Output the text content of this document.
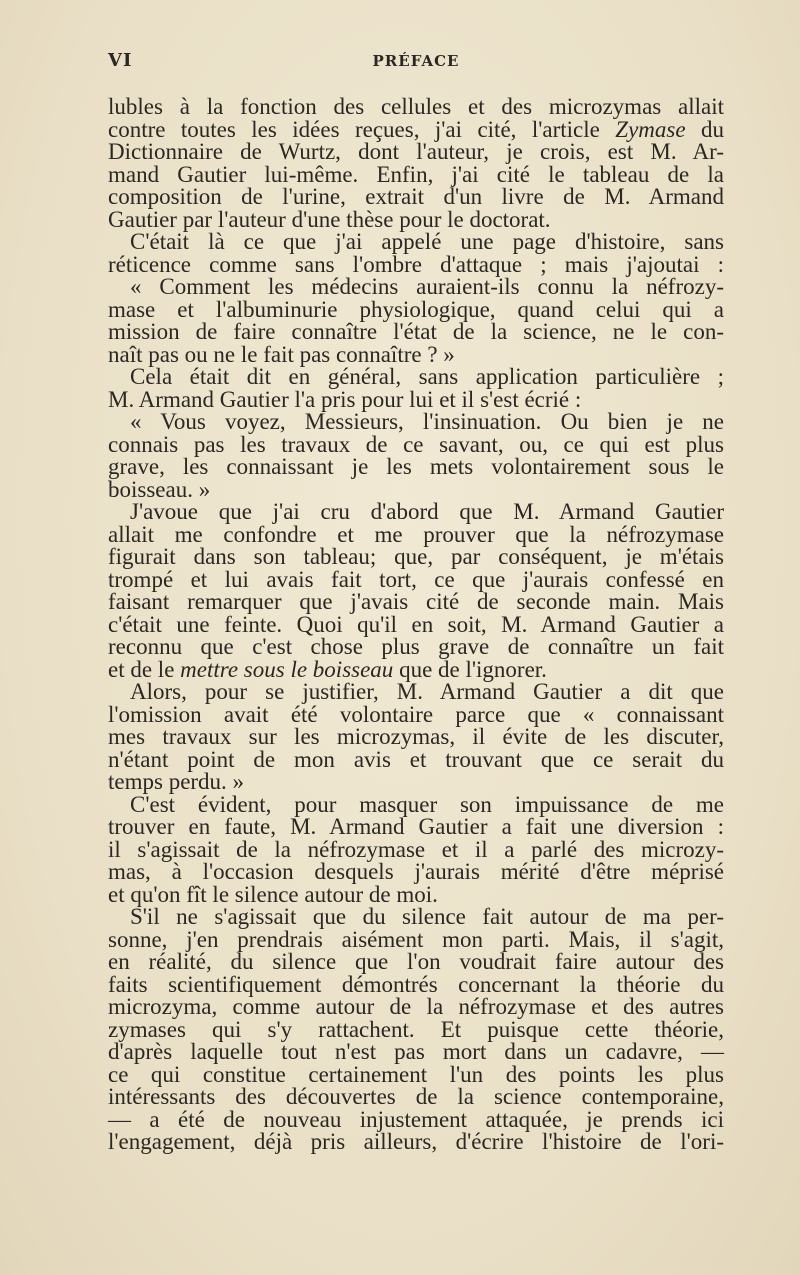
VI	PRÉFACE
lubles à la fonction des cellules et des microzymas allait
contre toutes les idées reçues, j'ai cité, l'article Zymase du
Dictionnaire de Wurtz, dont l'auteur, je crois, est M. Ar-
mand Gautier lui-même. Enfin, j'ai cité le tableau de la
composition de l'urine, extrait d'un livre de M. Armand
Gautier par l'auteur d'une thèse pour le doctorat.
C'était là ce que j'ai appelé une page d'histoire, sans
réticence comme sans l'ombre d'attaque ; mais j'ajoutai :
« Comment les médecins auraient-ils connu la néfrozy-
mase et l'albuminurie physiologique, quand celui qui a
mission de faire connaître l'état de la science, ne le con-
naît pas ou ne le fait pas connaître ? »
Cela était dit en général, sans application particulière ;
M. Armand Gautier l'a pris pour lui et il s'est écrié :
« Vous voyez, Messieurs, l'insinuation. Ou bien je ne
connais pas les travaux de ce savant, ou, ce qui est plus
grave, les connaissant je les mets volontairement sous le
boisseau. »
J'avoue que j'ai cru d'abord que M. Armand Gautier
allait me confondre et me prouver que la néfrozymase
figurait dans son tableau; que, par conséquent, je m'étais
trompé et lui avais fait tort, ce que j'aurais confessé en
faisant remarquer que j'avais cité de seconde main. Mais
c'était une feinte. Quoi qu'il en soit, M. Armand Gautier a
reconnu que c'est chose plus grave de connaître un fait
et de le mettre sous le boisseau que de l'ignorer.
Alors, pour se justifier, M. Armand Gautier a dit que
l'omission avait été volontaire parce que « connaissant
mes travaux sur les microzymas, il évite de les discuter,
n'étant point de mon avis et trouvant que ce serait du
temps perdu. »
C'est évident, pour masquer son impuissance de me
trouver en faute, M. Armand Gautier a fait une diversion :
il s'agissait de la néfrozymase et il a parlé des microzy-
mas, à l'occasion desquels j'aurais mérité d'être méprisé
et qu'on fît le silence autour de moi.
S'il ne s'agissait que du silence fait autour de ma per-
sonne, j'en prendrais aisément mon parti. Mais, il s'agit,
en réalité, du silence que l'on voudrait faire autour des
faits scientifiquement démontrés concernant la théorie du
microzyma, comme autour de la néfrozymase et des autres
zymases qui s'y rattachent. Et puisque cette théorie,
d'après laquelle tout n'est pas mort dans un cadavre, —
ce qui constitue certainement l'un des points les plus
intéressants des découvertes de la science contemporaine,
— a été de nouveau injustement attaquée, je prends ici
l'engagement, déjà pris ailleurs, d'écrire l'histoire de l'ori-
